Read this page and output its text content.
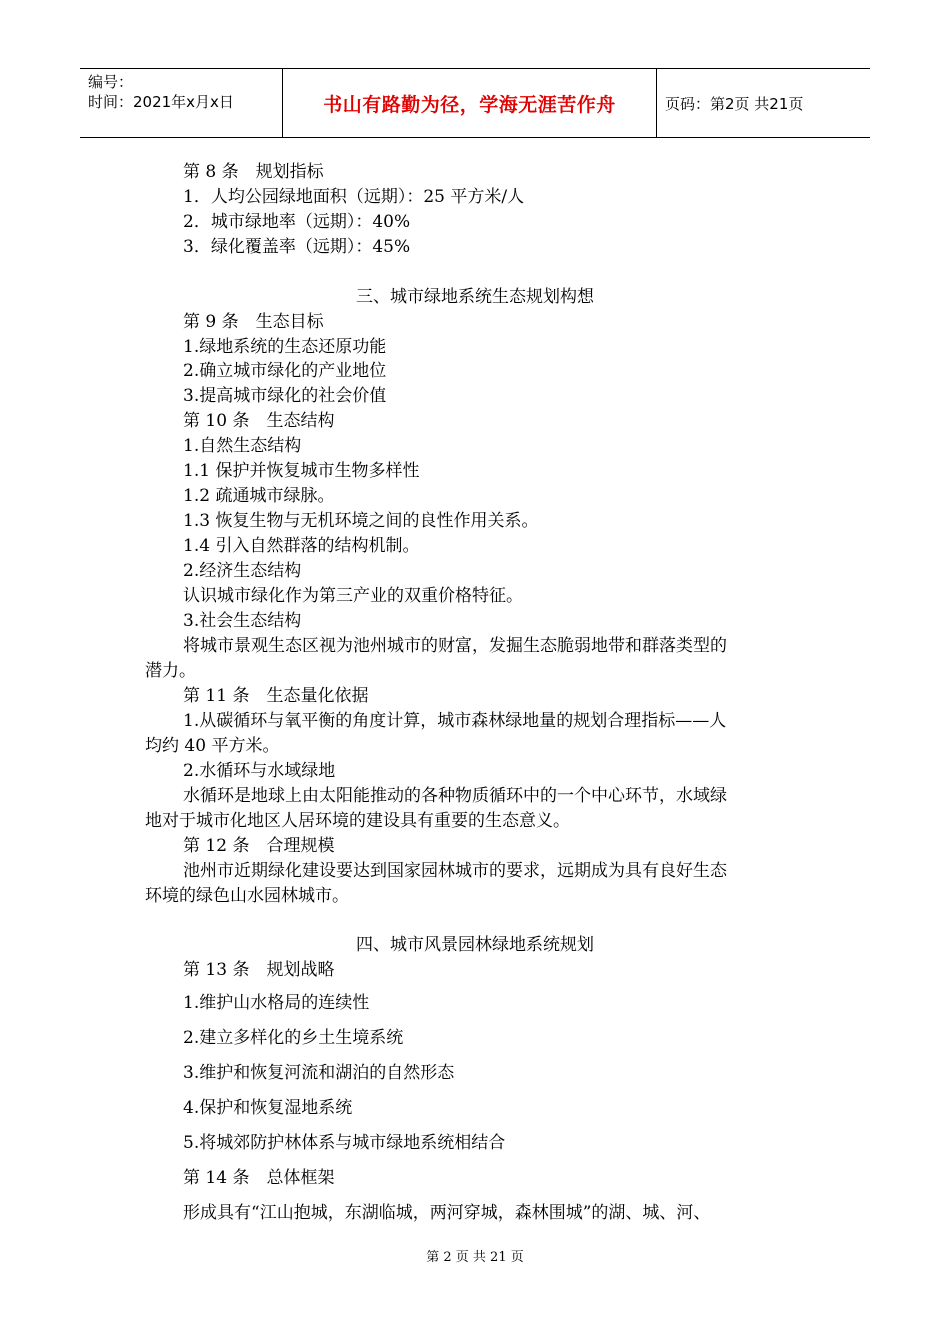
编号：
时间：2021年x月x日	书山有路勤为径，学海无涯苦作舟	页码：第2页 共21页
第 8 条　规划指标
1．人均公园绿地面积（远期）：25 平方米/人
2．城市绿地率（远期）：40%
3．绿化覆盖率（远期）：45%
三、城市绿地系统生态规划构想
第 9 条　生态目标
1.绿地系统的生态还原功能
2.确立城市绿化的产业地位
3.提高城市绿化的社会价值
第 10 条　生态结构
1.自然生态结构
1.1 保护并恢复城市生物多样性
1.2 疏通城市绿脉。
1.3 恢复生物与无机环境之间的良性作用关系。
1.4 引入自然群落的结构机制。
2.经济生态结构
认识城市绿化作为第三产业的双重价格特征。
3.社会生态结构
将城市景观生态区视为池州城市的财富，发掘生态脆弱地带和群落类型的
潜力。
第 11 条　生态量化依据
1.从碳循环与氧平衡的角度计算，城市森林绿地量的规划合理指标——人
均约 40 平方米。
2.水循环与水域绿地
水循环是地球上由太阳能推动的各种物质循环中的一个中心环节，水域绿
地对于城市化地区人居环境的建设具有重要的生态意义。
第 12 条　合理规模
池州市近期绿化建设要达到国家园林城市的要求，远期成为具有良好生态
环境的绿色山水园林城市。
四、城市风景园林绿地系统规划
第 13 条　规划战略
1.维护山水格局的连续性
2.建立多样化的乡土生境系统
3.维护和恢复河流和湖泊的自然形态
4.保护和恢复湿地系统
5.将城郊防护林体系与城市绿地系统相结合
第 14 条　总体框架
形成具有“江山抱城，东湖临城，两河穿城，森林围城”的湖、城、河、
第 2 页 共 21 页
